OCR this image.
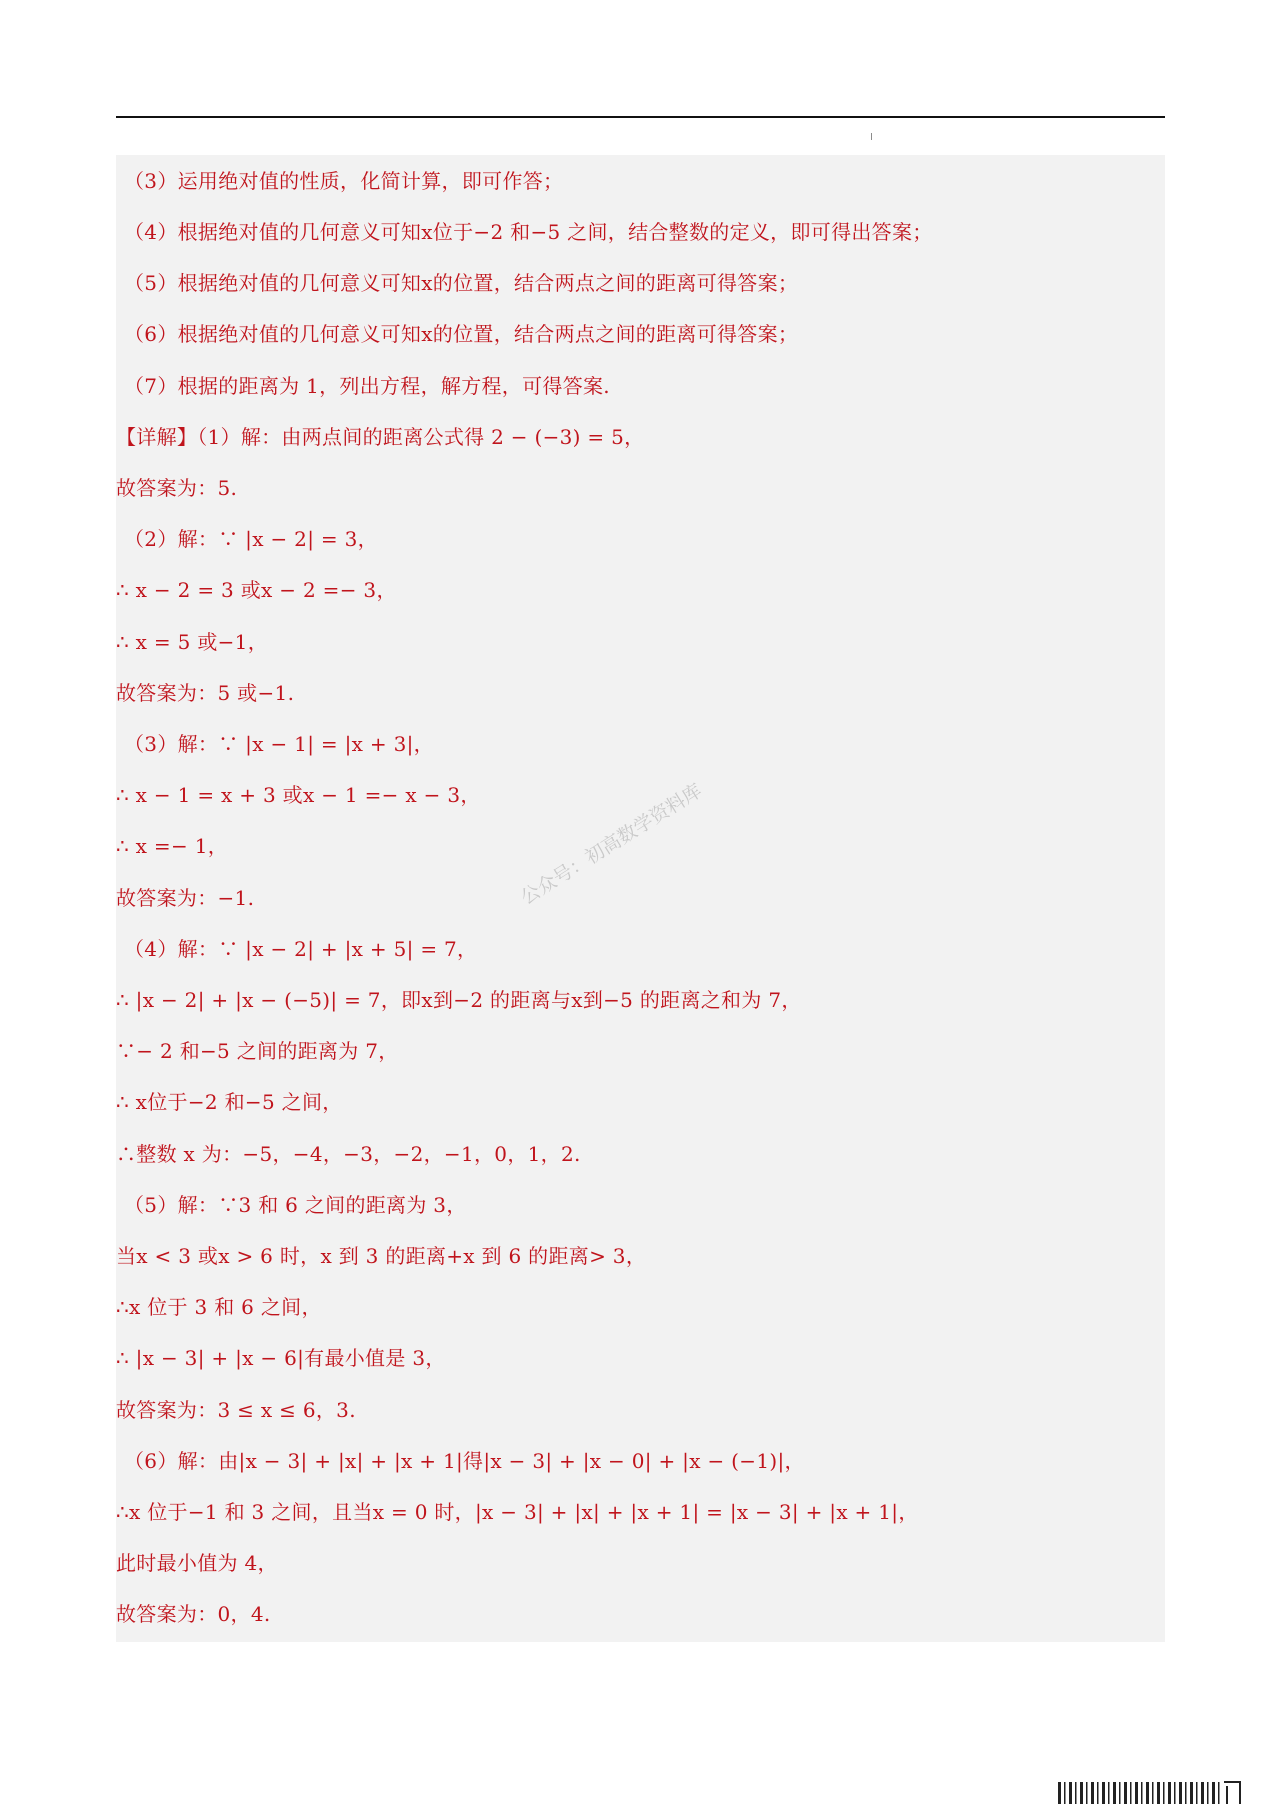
I
（3）运用绝对值的性质，化简计算，即可作答；
（4）根据绝对值的几何意义可知x位于−2 和−5 之间，结合整数的定义，即可得出答案；
（5）根据绝对值的几何意义可知x的位置，结合两点之间的距离可得答案；
（6）根据绝对值的几何意义可知x的位置，结合两点之间的距离可得答案；
（7）根据的距离为 1，列出方程，解方程，可得答案.
【详解】（1）解：由两点间的距离公式得 2 − (−3) = 5，
故答案为：5.
（2）解：∵ |x − 2| = 3，
∴ x − 2 = 3 或x − 2 =− 3，
∴ x = 5 或−1，
故答案为：5 或−1.
（3）解：∵ |x − 1| = |x + 3|，
∴ x − 1 = x + 3 或x − 1 =− x − 3，
∴ x =− 1，
故答案为：−1.
（4）解：∵ |x − 2| + |x + 5| = 7，
∴ |x − 2| + |x − (−5)| = 7，即x到−2 的距离与x到−5 的距离之和为 7，
∵− 2 和−5 之间的距离为 7，
∴ x位于−2 和−5 之间，
∴整数 x 为：−5，−4，−3，−2，−1，0，1，2.
（5）解：∵3 和 6 之间的距离为 3，
当x < 3 或x > 6 时，x 到 3 的距离+x 到 6 的距离> 3，
∴x 位于 3 和 6 之间，
∴ |x − 3| + |x − 6|有最小值是 3，
故答案为：3 ≤ x ≤ 6，3.
（6）解：由|x − 3| + |x| + |x + 1|得|x − 3| + |x − 0| + |x − (−1)|，
∴x 位于−1 和 3 之间，且当x = 0 时，|x − 3| + |x| + |x + 1| = |x − 3| + |x + 1|，
此时最小值为 4，
故答案为：0，4.
公众号：初高数学资料库
